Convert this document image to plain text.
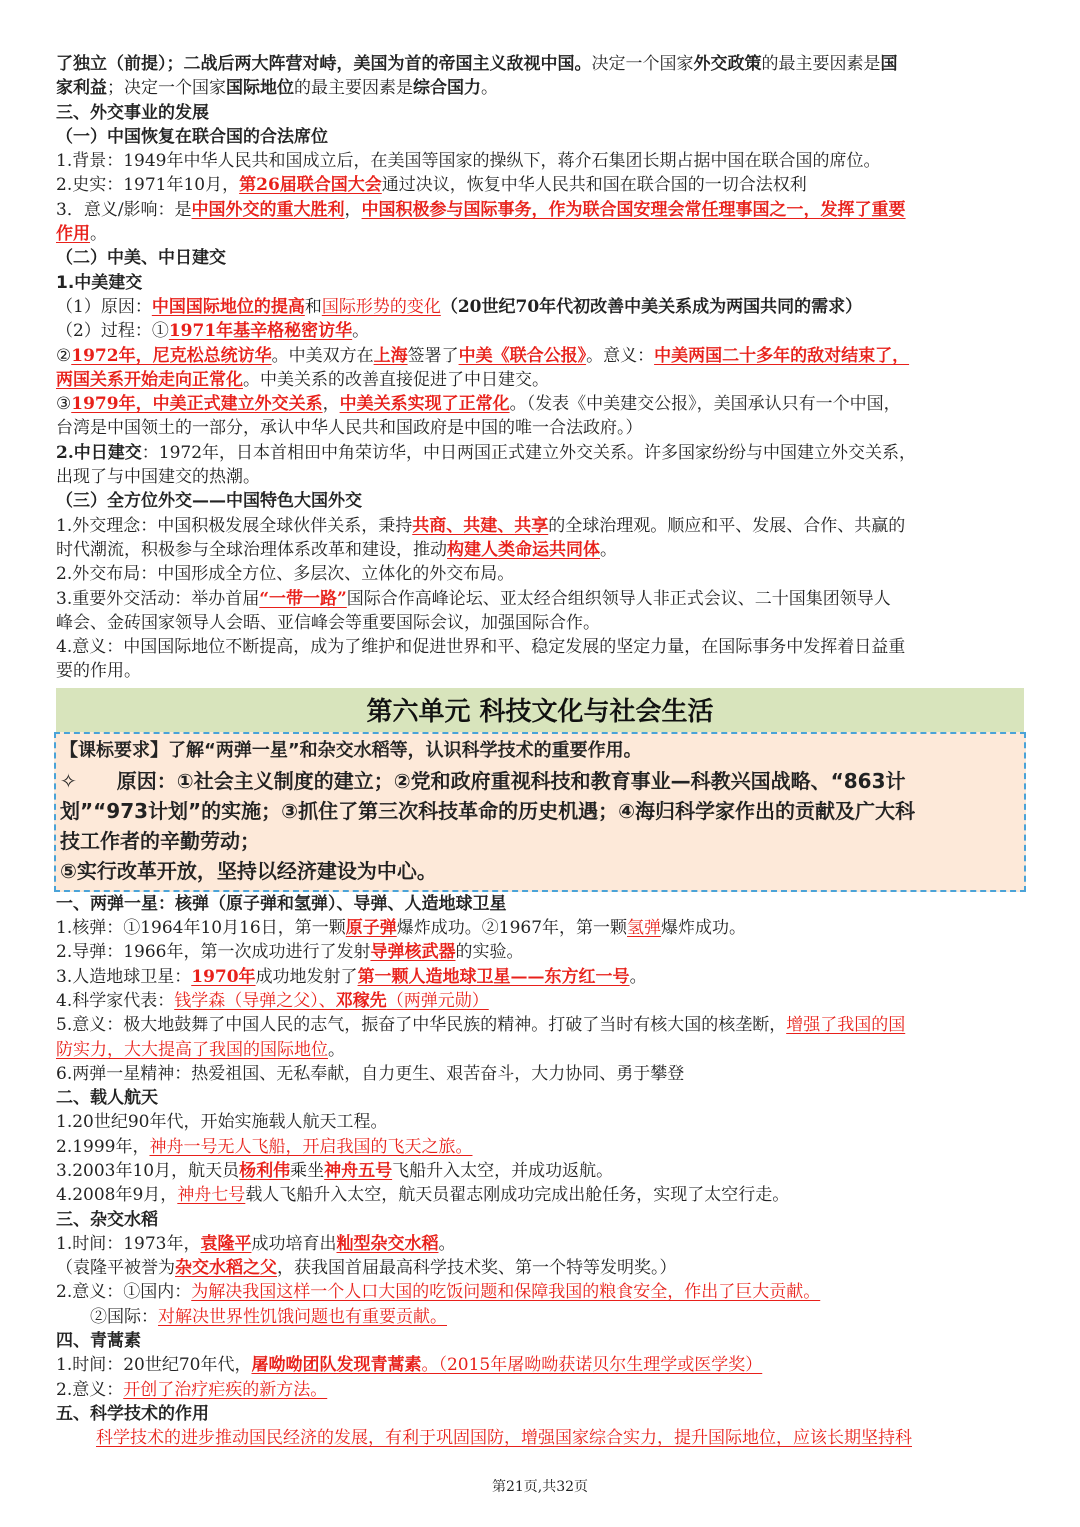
了独立（前提）；二战后两大阵营对峙，美国为首的帝国主义敌视中国。决定一个国家外交政策的最主要因素是国
家利益；决定一个国家国际地位的最主要因素是综合国力。
三、外交事业的发展
（一）中国恢复在联合国的合法席位
1.背景：1949年中华人民共和国成立后，在美国等国家的操纵下，蒋介石集团长期占据中国在联合国的席位。
2.史实：1971年10月，第26届联合国大会通过决议，恢复中华人民共和国在联合国的一切合法权利
3．意义/影响：是中国外交的重大胜利，中国积极参与国际事务，作为联合国安理会常任理事国之一，发挥了重要
作用。
（二）中美、中日建交
1.中美建交
（1）原因：中国国际地位的提高和国际形势的变化（20世纪70年代初改善中美关系成为两国共同的需求）
（2）过程：①1971年基辛格秘密访华。
②1972年，尼克松总统访华。中美双方在上海签署了中美《联合公报》。意义：中美两国二十多年的敌对结束了，
两国关系开始走向正常化。中美关系的改善直接促进了中日建交。
③1979年，中美正式建立外交关系，中美关系实现了正常化。（发表《中美建交公报》，美国承认只有一个中国，
台湾是中国领土的一部分，承认中华人民共和国政府是中国的唯一合法政府。）
2.中日建交：1972年，日本首相田中角荣访华，中日两国正式建立外交关系。许多国家纷纷与中国建立外交关系，
出现了与中国建交的热潮。
（三）全方位外交——中国特色大国外交
1.外交理念：中国积极发展全球伙伴关系，秉持共商、共建、共享的全球治理观。顺应和平、发展、合作、共赢的
时代潮流，积极参与全球治理体系改革和建设，推动构建人类命运共同体。
2.外交布局：中国形成全方位、多层次、立体化的外交布局。
3.重要外交活动：举办首届“一带一路”国际合作高峰论坛、亚太经合组织领导人非正式会议、二十国集团领导人
峰会、金砖国家领导人会晤、亚信峰会等重要国际会议，加强国际合作。
4.意义：中国国际地位不断提高，成为了维护和促进世界和平、稳定发展的坚定力量，在国际事务中发挥着日益重
要的作用。
第六单元 科技文化与社会生活
【课标要求】了解“两弹一星”和杂交水稻等，认识科学技术的重要作用。
✧　　原因：①社会主义制度的建立；②党和政府重视科技和教育事业—科教兴国战略、“863计
划”“973计划”的实施；③抓住了第三次科技革命的历史机遇；④海归科学家作出的贡献及广大科
技工作者的辛勤劳动；
⑤实行改革开放，坚持以经济建设为中心。
一、两弹一星：核弹（原子弹和氢弹）、导弹、人造地球卫星
1.核弹：①1964年10月16日，第一颗原子弹爆炸成功。②1967年，第一颗氢弹爆炸成功。
2.导弹：1966年，第一次成功进行了发射导弹核武器的实验。
3.人造地球卫星：1970年成功地发射了第一颗人造地球卫星——东方红一号。
4.科学家代表：钱学森（导弹之父）、邓稼先（两弹元勋）
5.意义：极大地鼓舞了中国人民的志气，振奋了中华民族的精神。打破了当时有核大国的核垄断，增强了我国的国
防实力，大大提高了我国的国际地位。
6.两弹一星精神：热爱祖国、无私奉献，自力更生、艰苦奋斗，大力协同、勇于攀登
二、载人航天
1.20世纪90年代，开始实施载人航天工程。
2.1999年，神舟一号无人飞船，开启我国的飞天之旅。
3.2003年10月，航天员杨利伟乘坐神舟五号飞船升入太空，并成功返航。
4.2008年9月，神舟七号载人飞船升入太空，航天员翟志刚成功完成出舱任务，实现了太空行走。
三、杂交水稻
1.时间：1973年，袁隆平成功培育出籼型杂交水稻。
（袁隆平被誉为杂交水稻之父，获我国首届最高科学技术奖、第一个特等发明奖。）
2.意义：①国内：为解决我国这样一个人口大国的吃饭问题和保障我国的粮食安全，作出了巨大贡献。
②国际：对解决世界性饥饿问题也有重要贡献。
四、青蒿素
1.时间：20世纪70年代，屠呦呦团队发现青蒿素。（2015年屠呦呦获诺贝尔生理学或医学奖）
2.意义：开创了治疗疟疾的新方法。
五、科学技术的作用
科学技术的进步推动国民经济的发展，有利于巩固国防，增强国家综合实力，提升国际地位，应该长期坚持科
第21页,共32页
